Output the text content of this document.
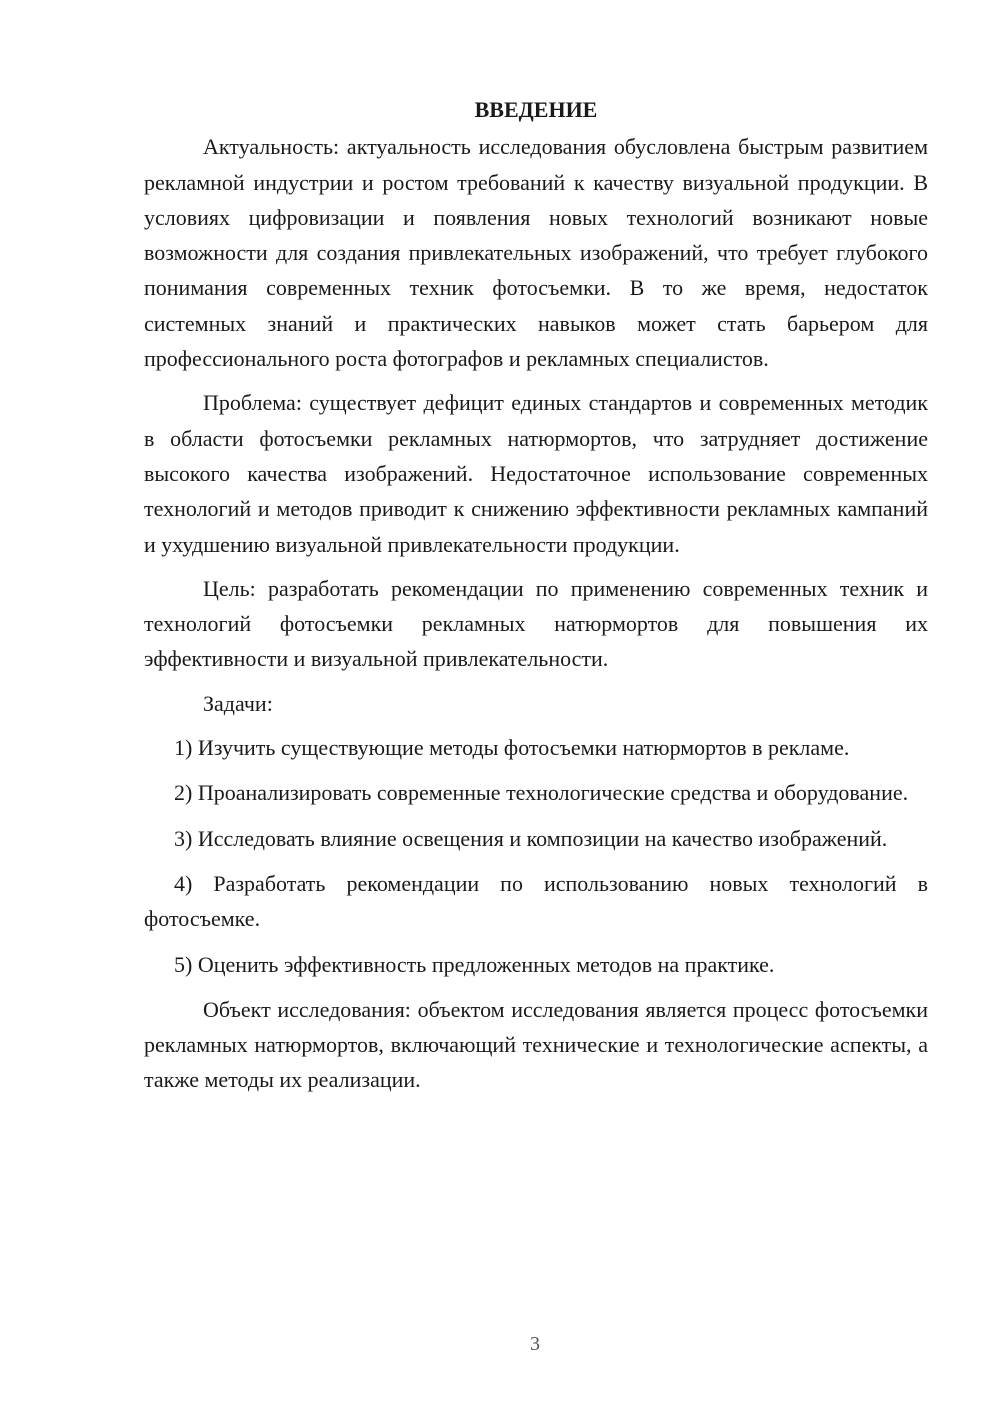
ВВЕДЕНИЕ

Актуальность: актуальность исследования обусловлена быстрым развитием рекламной индустрии и ростом требований к качеству визуальной продукции. В условиях цифровизации и появления новых технологий возникают новые возможности для создания привлекательных изображений, что требует глубокого понимания современных техник фотосъемки. В то же время, недостаток системных знаний и практических навыков может стать барьером для профессионального роста фотографов и рекламных специалистов.

Проблема: существует дефицит единых стандартов и современных методик в области фотосъемки рекламных натюрмортов, что затрудняет достижение высокого качества изображений. Недостаточное использование современных технологий и методов приводит к снижению эффективности рекламных кампаний и ухудшению визуальной привлекательности продукции.

Цель: разработать рекомендации по применению современных техник и технологий фотосъемки рекламных натюрмортов для повышения их эффективности и визуальной привлекательности.

Задачи:

1) Изучить существующие методы фотосъемки натюрмортов в рекламе.

2) Проанализировать современные технологические средства и оборудование.

3) Исследовать влияние освещения и композиции на качество изображений.

4) Разработать рекомендации по использованию новых технологий в фотосъемке.

5) Оценить эффективность предложенных методов на практике.

Объект исследования: объектом исследования является процесс фотосъемки рекламных натюрмортов, включающий технические и технологические аспекты, а также методы их реализации.

3
